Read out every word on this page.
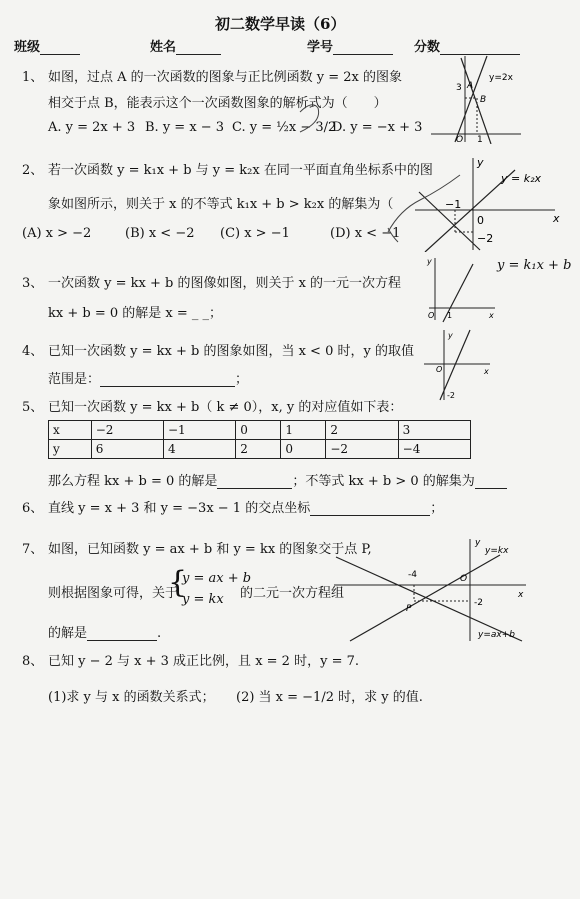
初二数学早读（6）
班级	姓名	学号	分数
1、 如图，过点 A 的一次函数的图象与正比例函数 y = 2x 的图象
相交于点 B，能表示这个一次函数图象的解析式为（　　）
A. y = 2x + 3 B. y = x − 3 C. y = ½x − 3/2
D. y = −x + 3
y=2x
A
B
3
O 1
2、 若一次函数 y = k₁x + b 与 y = k₂x 在同一平面直角坐标系中的图
象如图所示，则关于 x 的不等式 k₁x + b > k₂x 的解集为（
(A) x > −2	(B) x < −2 (C) x > −1	(D) x < −1
y
x
y = k₂x
−1
0
−2
y = k₁x + b
3、 一次函数 y = kx + b 的图像如图，则关于 x 的一元一次方程
kx + b = 0 的解是 x = _ _；
y
x
O 1
4、 已知一次函数 y = kx + b 的图象如图，当 x < 0 时，y 的取值
范围是：	；
y
x
O
-2
5、 已知一次函数 y = kx + b（ k ≠ 0），x, y 的对应值如下表：
x	−2	−1	0	1	2	3
y	6	4	2	0	−2	−4
那么方程 kx + b = 0 的解是	；不等式 kx + b > 0 的解集为
6、 直线 y = x + 3 和 y = −3x − 1 的交点坐标	；
7、 如图，已知函数 y = ax + b 和 y = kx 的图象交于点 P,
则根据图象可得，关于
{
y = ax + b
y = kx 的二元一次方程组
的解是	.
y
x
y=kx
-4	O
-2
P
y=ax+b
8、 已知 y − 2 与 x + 3 成正比例，且 x = 2 时，y = 7.
(1)求 y 与 x 的函数关系式； (2) 当 x = −1/2 时，求 y 的值.
